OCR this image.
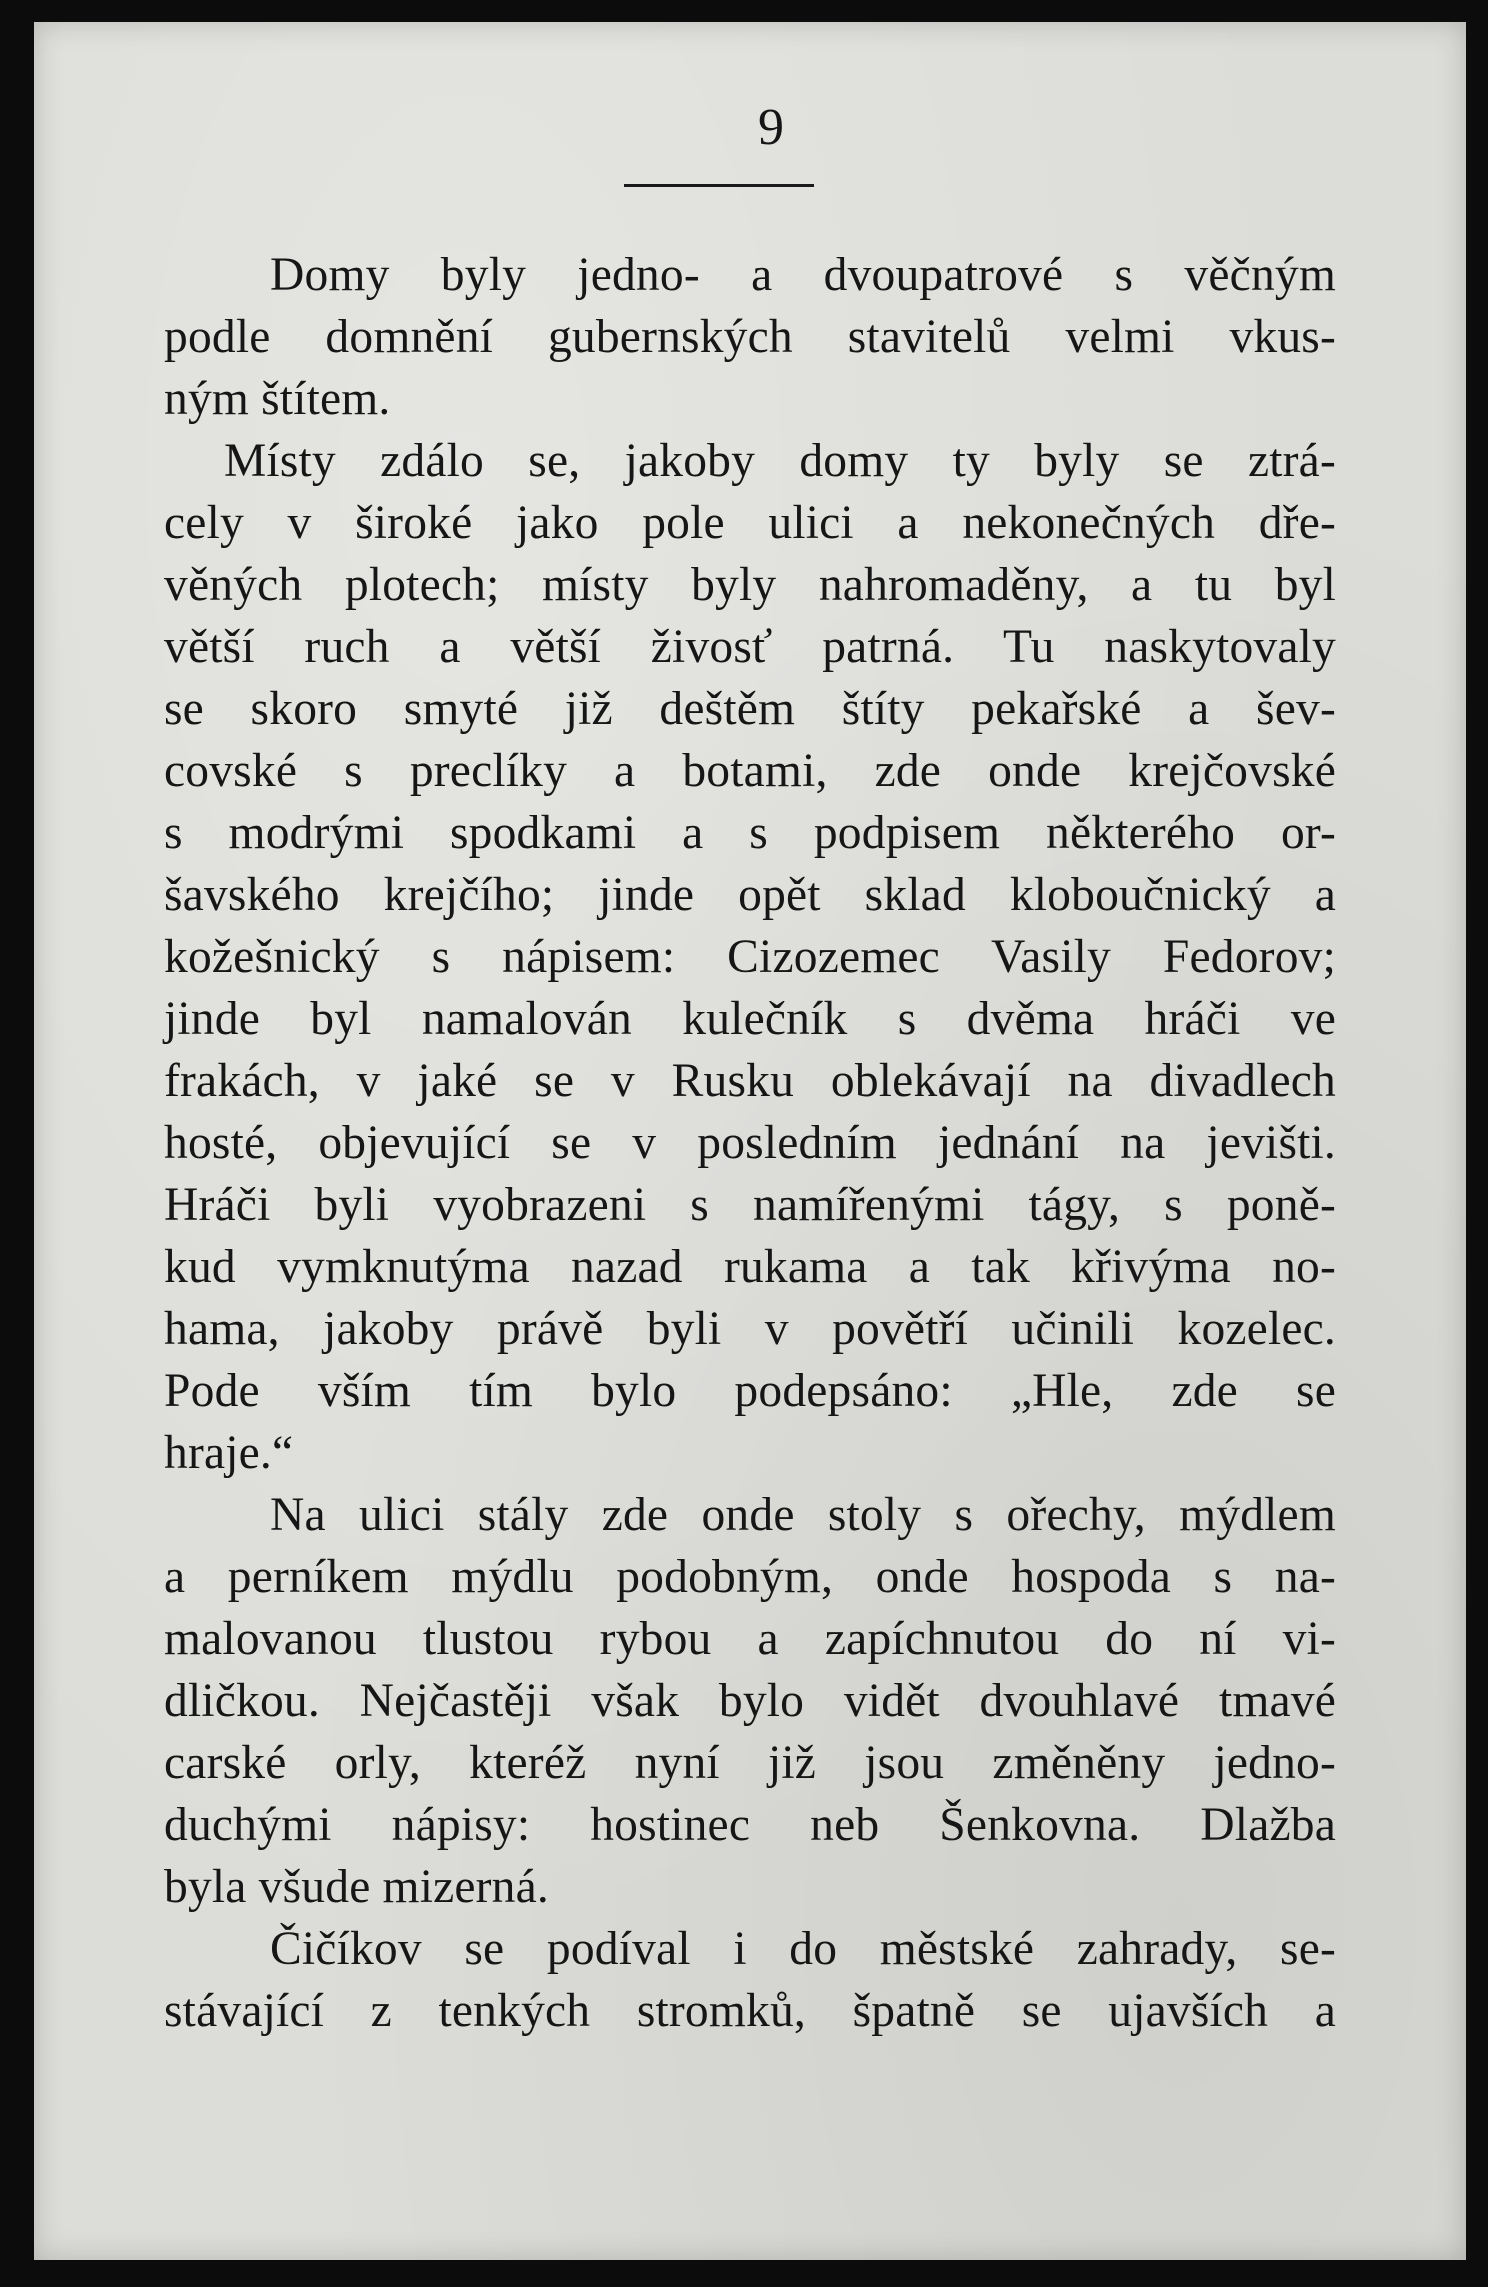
9

Domy byly jedno- a dvoupatrové s věčným
podle domnění gubernských stavitelů velmi vkus-
ným štítem.
Místy zdálo se, jakoby domy ty byly se ztrá-
cely v široké jako pole ulici a nekonečných dře-
věných plotech; místy byly nahromaděny, a tu byl
větší ruch a větší živosť patrná. Tu naskytovaly
se skoro smyté již deštěm štíty pekařské a šev-
covské s preclíky a botami, zde onde krejčovské
s modrými spodkami a s podpisem některého or-
šavského krejčího; jinde opět sklad kloboučnický a
kožešnický s nápisem: Cizozemec Vasily Fedorov;
jinde byl namalován kulečník s dvěma hráči ve
frakách, v jaké se v Rusku oblekávají na divadlech
hosté, objevující se v posledním jednání na jevišti.
Hráči byli vyobrazeni s namířenými tágy, s poně-
kud vymknutýma nazad rukama a tak křivýma no-
hama, jakoby právě byli v povětří učinili kozelec.
Pode vším tím bylo podepsáno: „Hle, zde se
hraje.“
Na ulici stály zde onde stoly s ořechy, mýdlem
a perníkem mýdlu podobným, onde hospoda s na-
malovanou tlustou rybou a zapíchnutou do ní vi-
dličkou. Nejčastěji však bylo vidět dvouhlavé tmavé
carské orly, kteréž nyní již jsou změněny jedno-
duchými nápisy: hostinec neb Šenkovna. Dlažba
byla všude mizerná.
Čičíkov se podíval i do městské zahrady, se-
stávající z tenkých stromků, špatně se ujavších a
